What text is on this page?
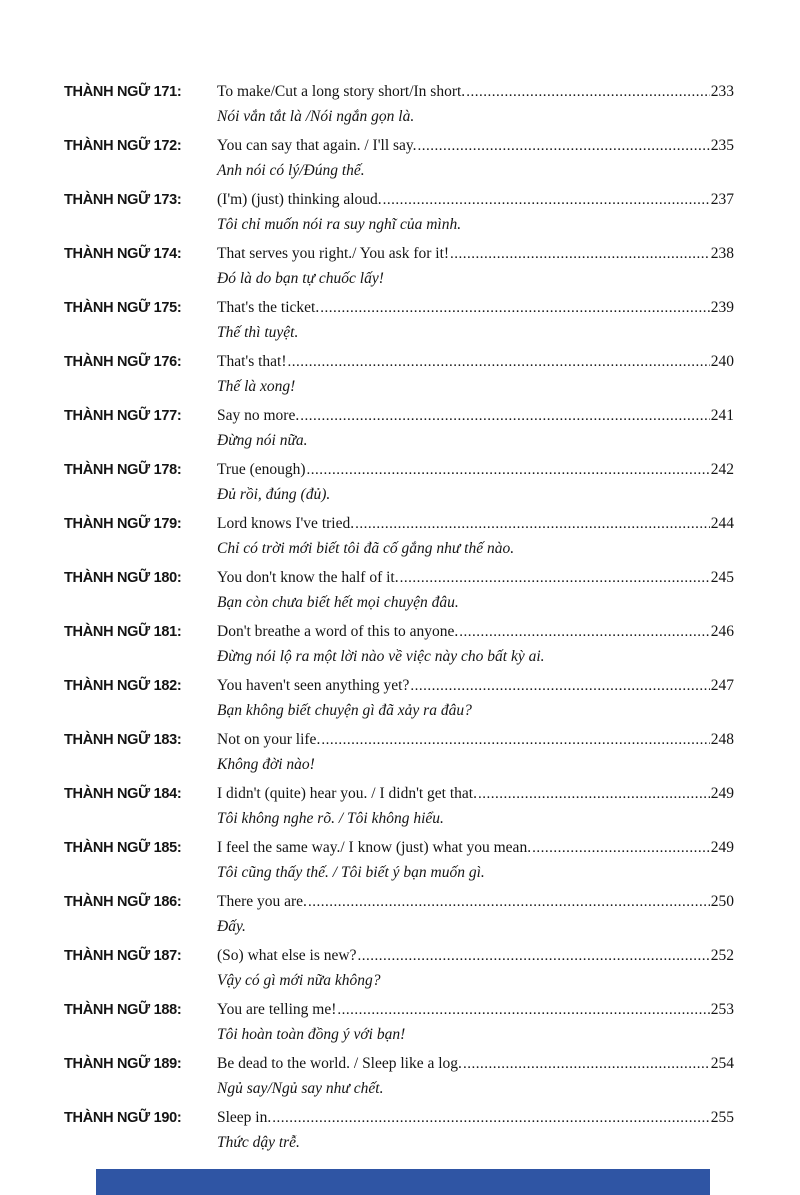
THÀNH NGỮ 171:	To make/Cut a long story short/In short. .....	233
Nói vắn tắt là /Nói ngắn gọn là.
THÀNH NGỮ 172:	You can say that again. / I'll say. .....	235
Anh nói có lý/Đúng thế.
THÀNH NGỮ 173:	(I'm) (just) thinking aloud. .....	237
Tôi chỉ muốn nói ra suy nghĩ của mình.
THÀNH NGỮ 174:	That serves you right./ You ask for it! .....	238
Đó là do bạn tự chuốc lấy!
THÀNH NGỮ 175:	That's the ticket. .....	239
Thế thì tuyệt.
THÀNH NGỮ 176:	That's that! .....	240
Thế là xong!
THÀNH NGỮ 177:	Say no more. .....	241
Đừng nói nữa.
THÀNH NGỮ 178:	True (enough) .....	242
Đủ rồi, đúng (đủ).
THÀNH NGỮ 179:	Lord knows I've tried. .....	244
Chỉ có trời mới biết tôi đã cố gắng như thế nào.
THÀNH NGỮ 180:	You don't know the half of it. .....	245
Bạn còn chưa biết hết mọi chuyện đâu.
THÀNH NGỮ 181:	Don't breathe a word of this to anyone. .....	246
Đừng nói lộ ra một lời nào về việc này cho bất kỳ ai.
THÀNH NGỮ 182:	You haven't seen anything yet? .....	247
Bạn không biết chuyện gì đã xảy ra đâu?
THÀNH NGỮ 183:	Not on your life. .....	248
Không đời nào!
THÀNH NGỮ 184:	I didn't (quite) hear you. / I didn't get that. .....	249
Tôi không nghe rõ. / Tôi không hiểu.
THÀNH NGỮ 185:	I feel the same way./ I know (just) what you mean. .....	249
Tôi cũng thấy thế. / Tôi biết ý bạn muốn gì.
THÀNH NGỮ 186:	There you are. .....	250
Đấy.
THÀNH NGỮ 187:	(So) what else is new? .....	252
Vậy có gì mới nữa không?
THÀNH NGỮ 188:	You are telling me! .....	253
Tôi hoàn toàn đồng ý với bạn!
THÀNH NGỮ 189:	Be dead to the world. / Sleep like a log. .....	254
Ngủ say/Ngủ say như chết.
THÀNH NGỮ 190:	Sleep in. .....	255
Thức dậy trễ.
